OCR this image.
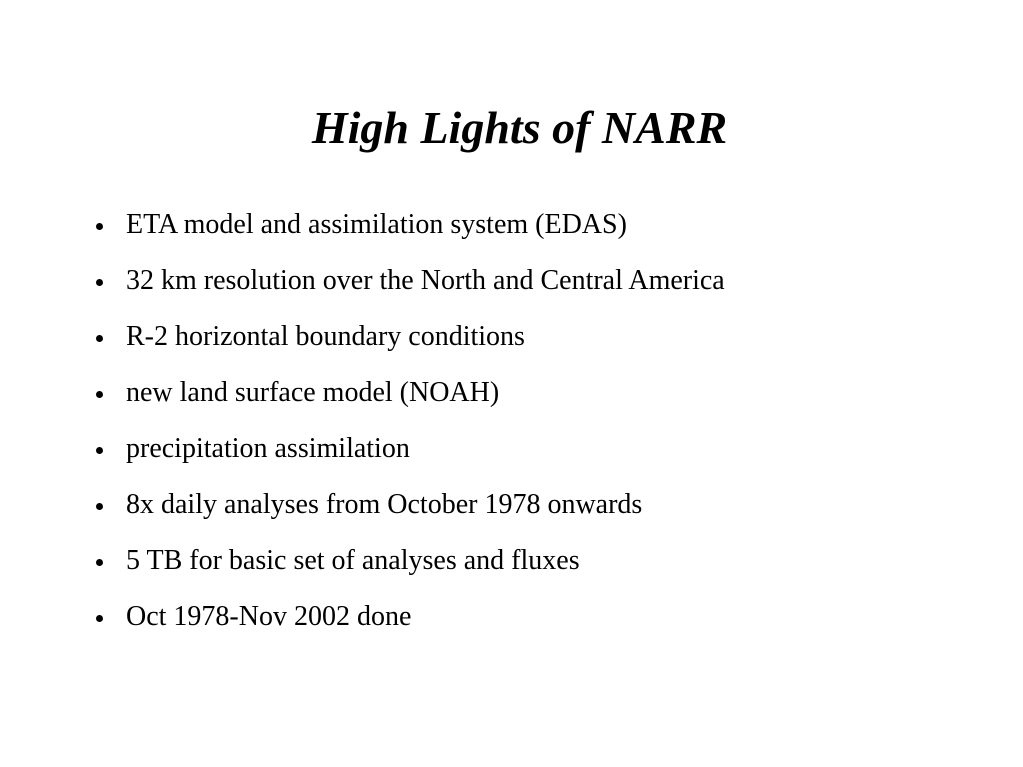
High Lights of NARR
ETA model and assimilation system (EDAS)
32 km resolution over the North and Central America
R-2 horizontal boundary conditions
new land surface model (NOAH)
precipitation assimilation
8x daily analyses from October 1978 onwards
5 TB for basic set of analyses and fluxes
Oct 1978-Nov 2002 done
